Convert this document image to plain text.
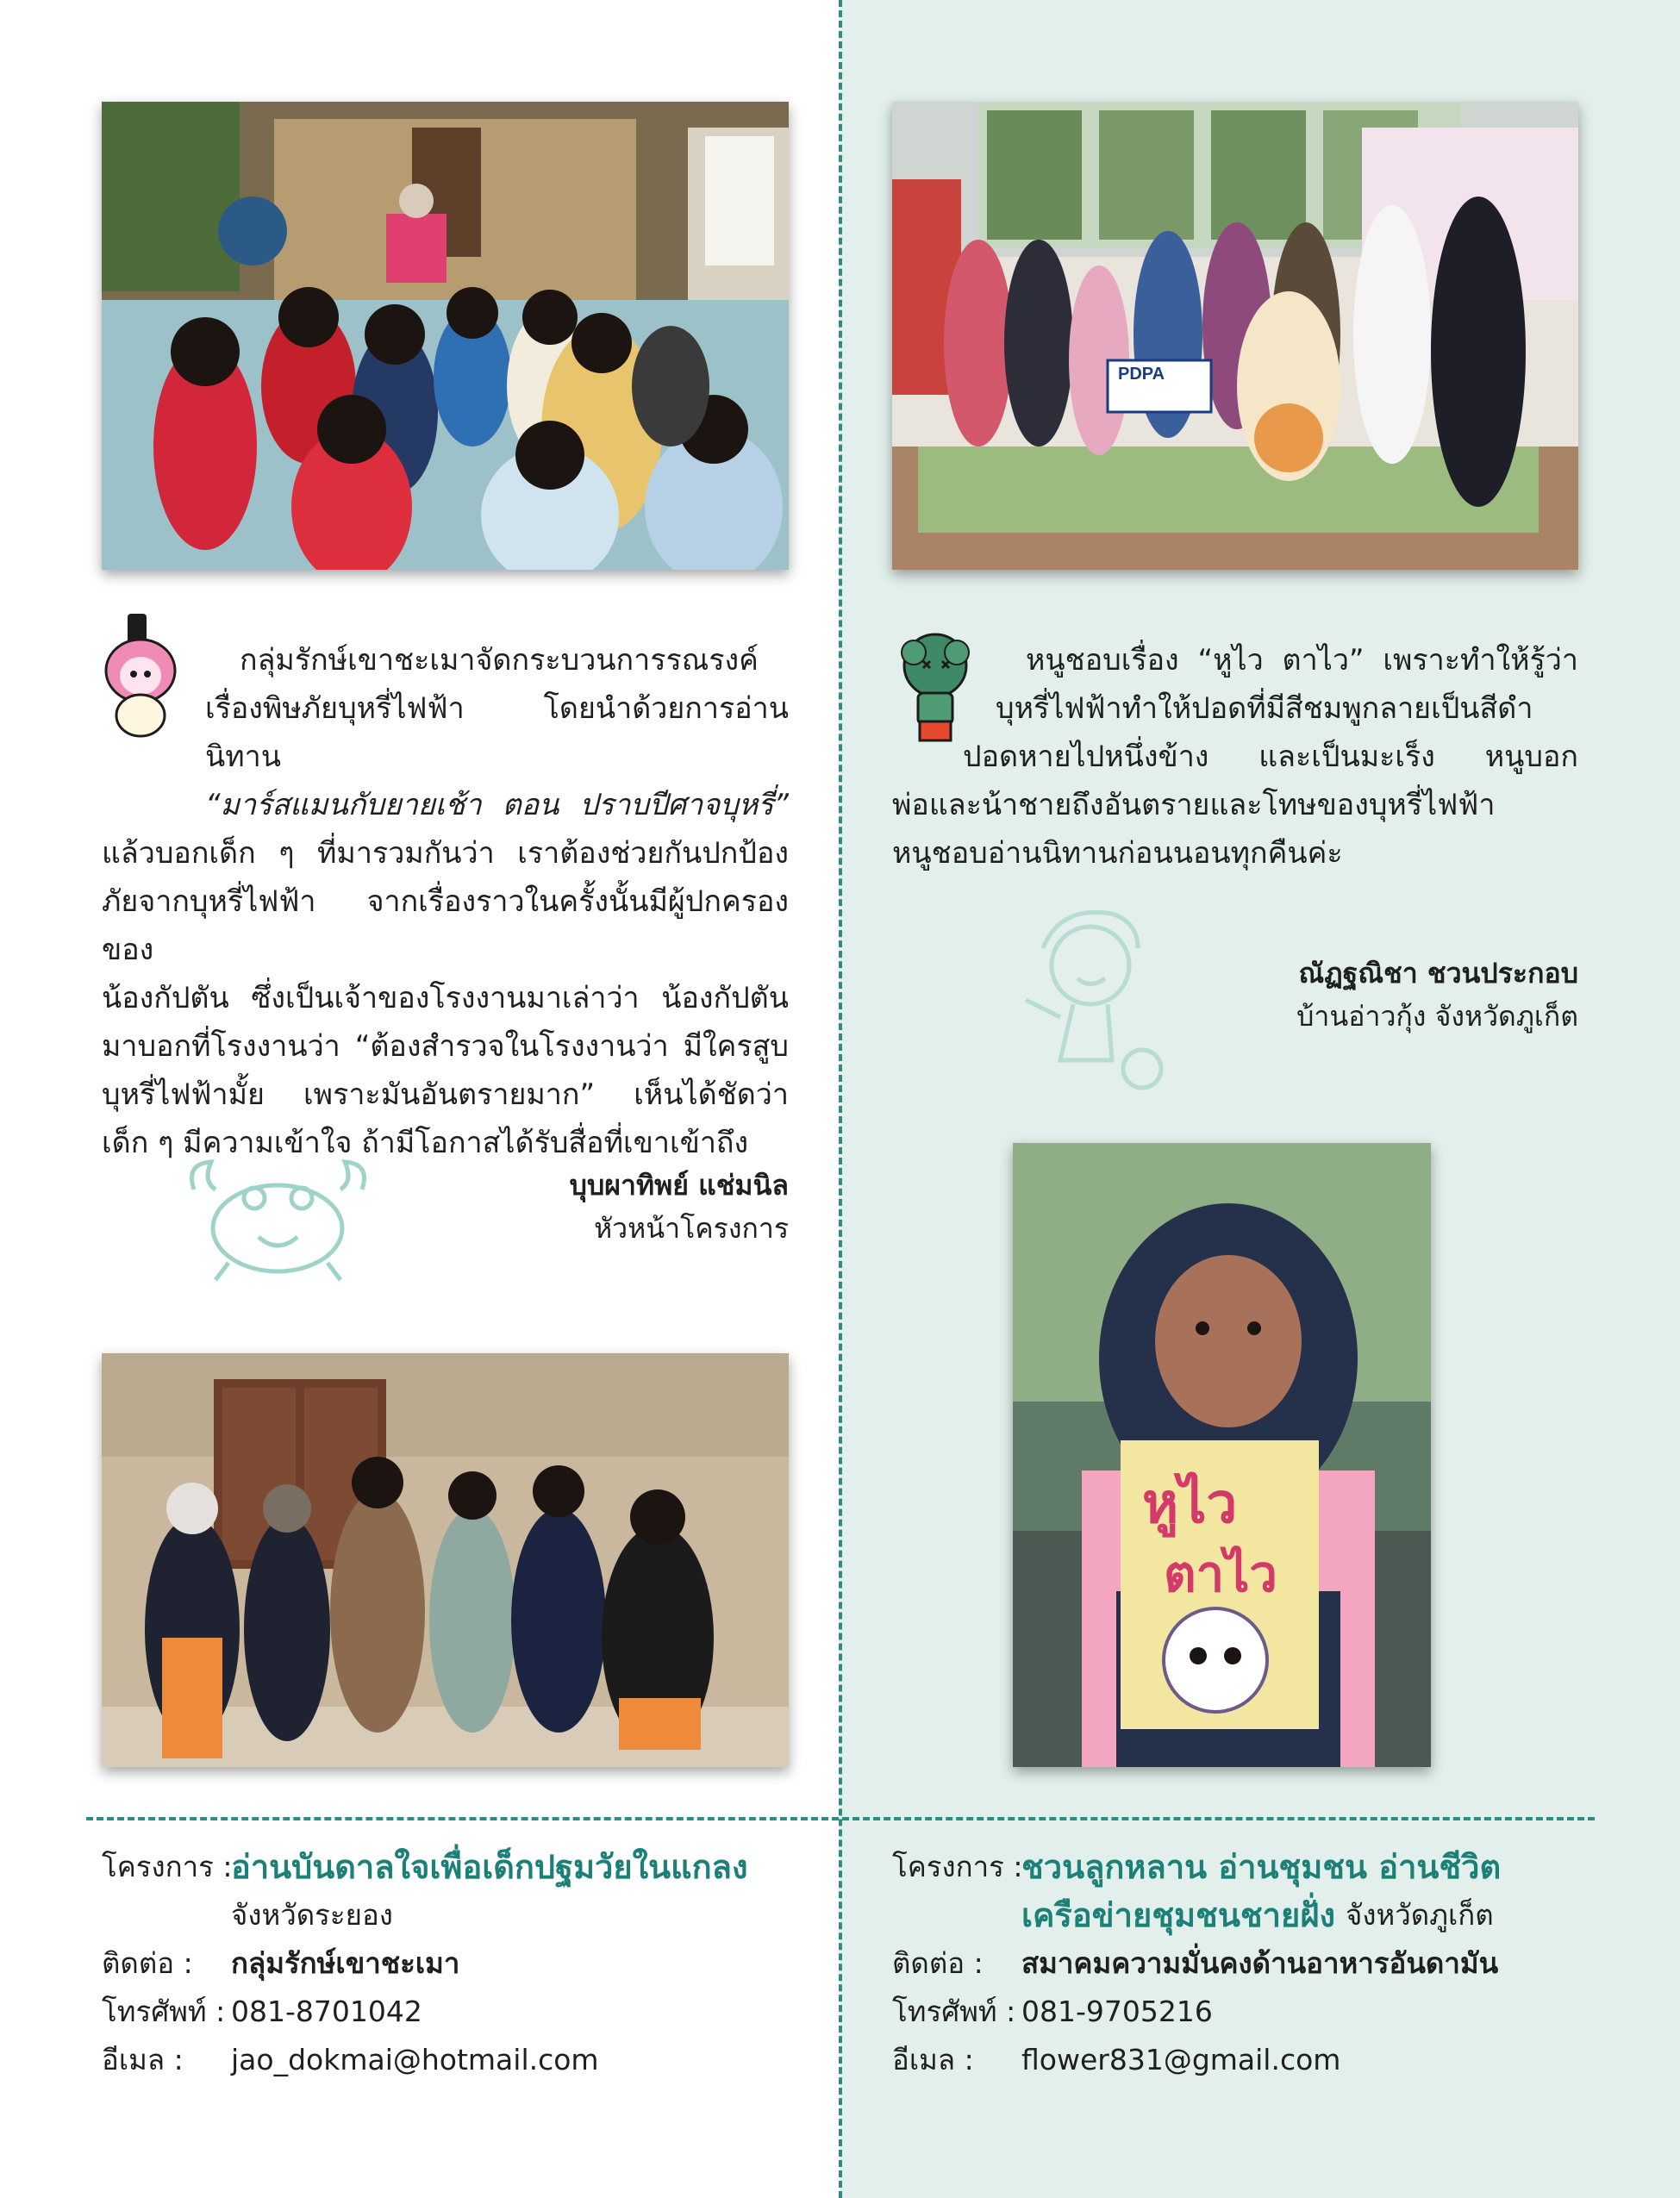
PDPA

กลุ่มรักษ์เขาชะเมาจัดกระบวนการรณรงค์
เรื่องพิษภัยบุหรี่ไฟฟ้า โดยนำด้วยการอ่านนิทาน
“มาร์สแมนกับยายเช้า ตอน ปราบปีศาจบุหรี่”
แล้วบอกเด็ก ๆ ที่มารวมกันว่า เราต้องช่วยกันปกป้อง
ภัยจากบุหรี่ไฟฟ้า จากเรื่องราวในครั้งนั้นมีผู้ปกครองของ
น้องกัปตัน ซึ่งเป็นเจ้าของโรงงานมาเล่าว่า น้องกัปตัน
มาบอกที่โรงงานว่า “ต้องสำรวจในโรงงานว่า มีใครสูบ
บุหรี่ไฟฟ้ามั้ย เพราะมันอันตรายมาก” เห็นได้ชัดว่า
เด็ก ๆ มีความเข้าใจ ถ้ามีโอกาสได้รับสื่อที่เขาเข้าถึง

บุบผาทิพย์ แช่มนิล
หัวหน้าโครงการ

หนูชอบเรื่อง “หูไว ตาไว” เพราะทำให้รู้ว่า
บุหรี่ไฟฟ้าทำให้ปอดที่มีสีชมพูกลายเป็นสีดำ
ปอดหายไปหนึ่งข้าง และเป็นมะเร็ง หนูบอก
พ่อและน้าชายถึงอันตรายและโทษของบุหรี่ไฟฟ้า
หนูชอบอ่านนิทานก่อนนอนทุกคืนค่ะ

ณัฏฐณิชา ชวนประกอบ
บ้านอ่าวกุ้ง จังหวัดภูเก็ต
หูไว
ตาไว
โครงการ :
อ่านบันดาลใจเพื่อเด็กปฐมวัยในแกลง
จังหวัดระยอง
ติดต่อ :	กลุ่มรักษ์เขาชะเมา
โทรศัพท์ : 081-8701042
อีเมล :	jao_dokmai@hotmail.com
โครงการ :
ชวนลูกหลาน อ่านชุมชน อ่านชีวิต
เครือข่ายชุมชนชายฝั่ง จังหวัดภูเก็ต
ติดต่อ :	สมาคมความมั่นคงด้านอาหารอันดามัน
โทรศัพท์ : 081-9705216
อีเมล :	flower831@gmail.com
